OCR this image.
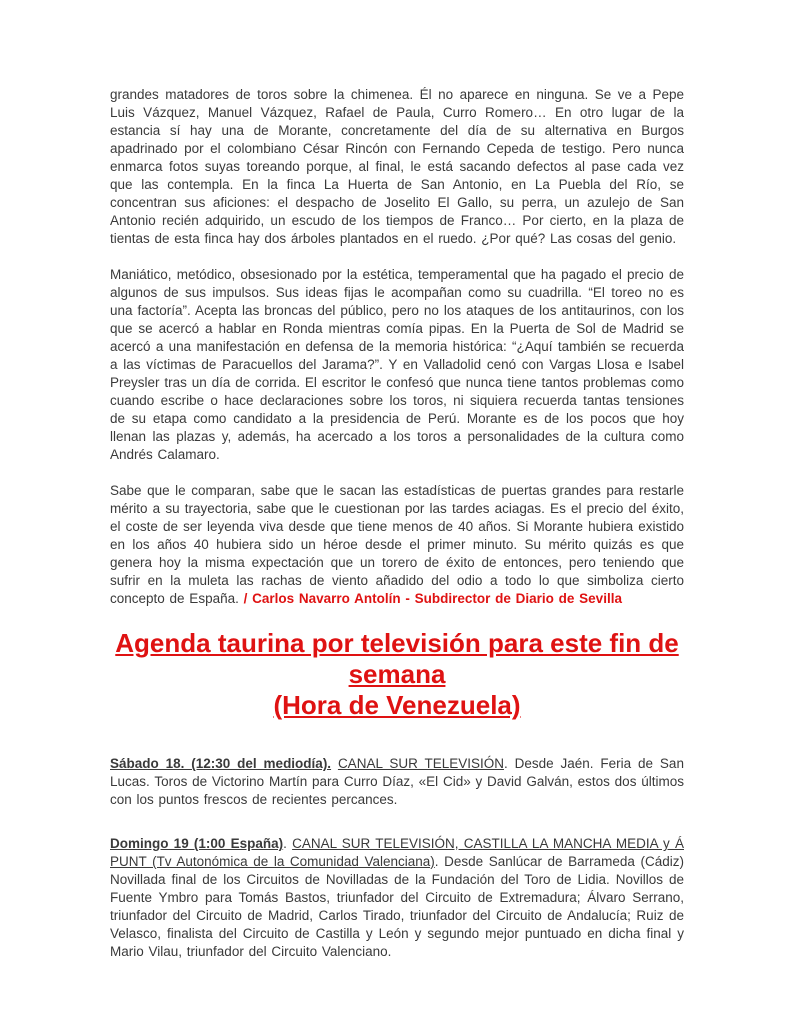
grandes matadores de toros sobre la chimenea. Él no aparece en ninguna. Se ve a Pepe Luis Vázquez, Manuel Vázquez, Rafael de Paula, Curro Romero… En otro lugar de la estancia sí hay una de Morante, concretamente del día de su alternativa en Burgos apadrinado por el colombiano César Rincón con Fernando Cepeda de testigo. Pero nunca enmarca fotos suyas toreando porque, al final, le está sacando defectos al pase cada vez que las contempla. En la finca La Huerta de San Antonio, en La Puebla del Río, se concentran sus aficiones: el despacho de Joselito El Gallo, su perra, un azulejo de San Antonio recién adquirido, un escudo de los tiempos de Franco… Por cierto, en la plaza de tientas de esta finca hay dos árboles plantados en el ruedo. ¿Por qué? Las cosas del genio.

Maniático, metódico, obsesionado por la estética, temperamental que ha pagado el precio de algunos de sus impulsos. Sus ideas fijas le acompañan como su cuadrilla. “El toreo no es una factoría”. Acepta las broncas del público, pero no los ataques de los antitaurinos, con los que se acercó a hablar en Ronda mientras comía pipas. En la Puerta de Sol de Madrid se acercó a una manifestación en defensa de la memoria histórica: “¿Aquí también se recuerda a las víctimas de Paracuellos del Jarama?”. Y en Valladolid cenó con Vargas Llosa e Isabel Preysler tras un día de corrida. El escritor le confesó que nunca tiene tantos problemas como cuando escribe o hace declaraciones sobre los toros, ni siquiera recuerda tantas tensiones de su etapa como candidato a la presidencia de Perú. Morante es de los pocos que hoy llenan las plazas y, además, ha acercado a los toros a personalidades de la cultura como Andrés Calamaro.

Sabe que le comparan, sabe que le sacan las estadísticas de puertas grandes para restarle mérito a su trayectoria, sabe que le cuestionan por las tardes aciagas. Es el precio del éxito, el coste de ser leyenda viva desde que tiene menos de 40 años. Si Morante hubiera existido en los años 40 hubiera sido un héroe desde el primer minuto. Su mérito quizás es que genera hoy la misma expectación que un torero de éxito de entonces, pero teniendo que sufrir en la muleta las rachas de viento añadido del odio a todo lo que simboliza cierto concepto de España. / Carlos Navarro Antolín - Subdirector de Diario de Sevilla

Agenda taurina por televisión para este fin de
semana
(Hora de Venezuela)

Sábado 18. (12:30 del mediodía). CANAL SUR TELEVISIÓN. Desde Jaén. Feria de San Lucas. Toros de Victorino Martín para Curro Díaz, «El Cid» y David Galván, estos dos últimos con los puntos frescos de recientes percances.

Domingo 19 (1:00 España). CANAL SUR TELEVISIÓN, CASTILLA LA MANCHA MEDIA y Á PUNT (Tv Autonómica de la Comunidad Valenciana). Desde Sanlúcar de Barrameda (Cádiz) Novillada final de los Circuitos de Novilladas de la Fundación del Toro de Lidia. Novillos de Fuente Ymbro para Tomás Bastos, triunfador del Circuito de Extremadura; Álvaro Serrano, triunfador del Circuito de Madrid, Carlos Tirado, triunfador del Circuito de Andalucía; Ruiz de Velasco, finalista del Circuito de Castilla y León y segundo mejor puntuado en dicha final y Mario Vilau, triunfador del Circuito Valenciano.
